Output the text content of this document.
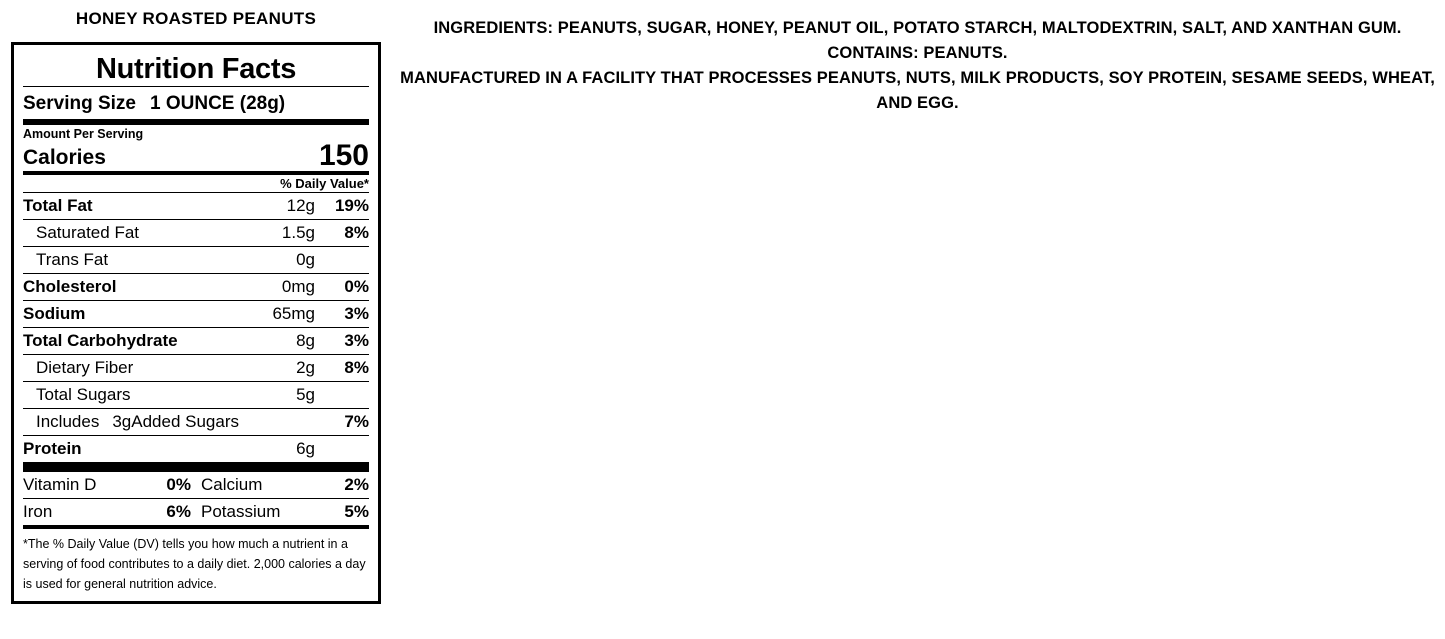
HONEY ROASTED PEANUTS
Nutrition Facts
Serving Size 1 OUNCE (28g)
Amount Per Serving
Calories	150
% Daily Value*
Total Fat	12g	19%
Saturated Fat	1.5g	8%
Trans Fat	0g
Cholesterol	0mg	0%
Sodium	65mg	3%
Total Carbohydrate	8g	3%
Dietary Fiber	2g	8%
Total Sugars	5g
Includes 3g Added Sugars	7%
Protein	6g
Vitamin D	0% Calcium	2%
Iron	6% Potassium	5%
*The % Daily Value (DV) tells you how much a nutrient in a serving of food contributes to a daily diet. 2,000 calories a day is used for general nutrition advice.

INGREDIENTS: PEANUTS, SUGAR, HONEY, PEANUT OIL, POTATO STARCH, MALTODEXTRIN, SALT, AND XANTHAN GUM.

CONTAINS: PEANUTS.

MANUFACTURED IN A FACILITY THAT PROCESSES PEANUTS, NUTS, MILK PRODUCTS, SOY PROTEIN, SESAME SEEDS, WHEAT, AND EGG.
